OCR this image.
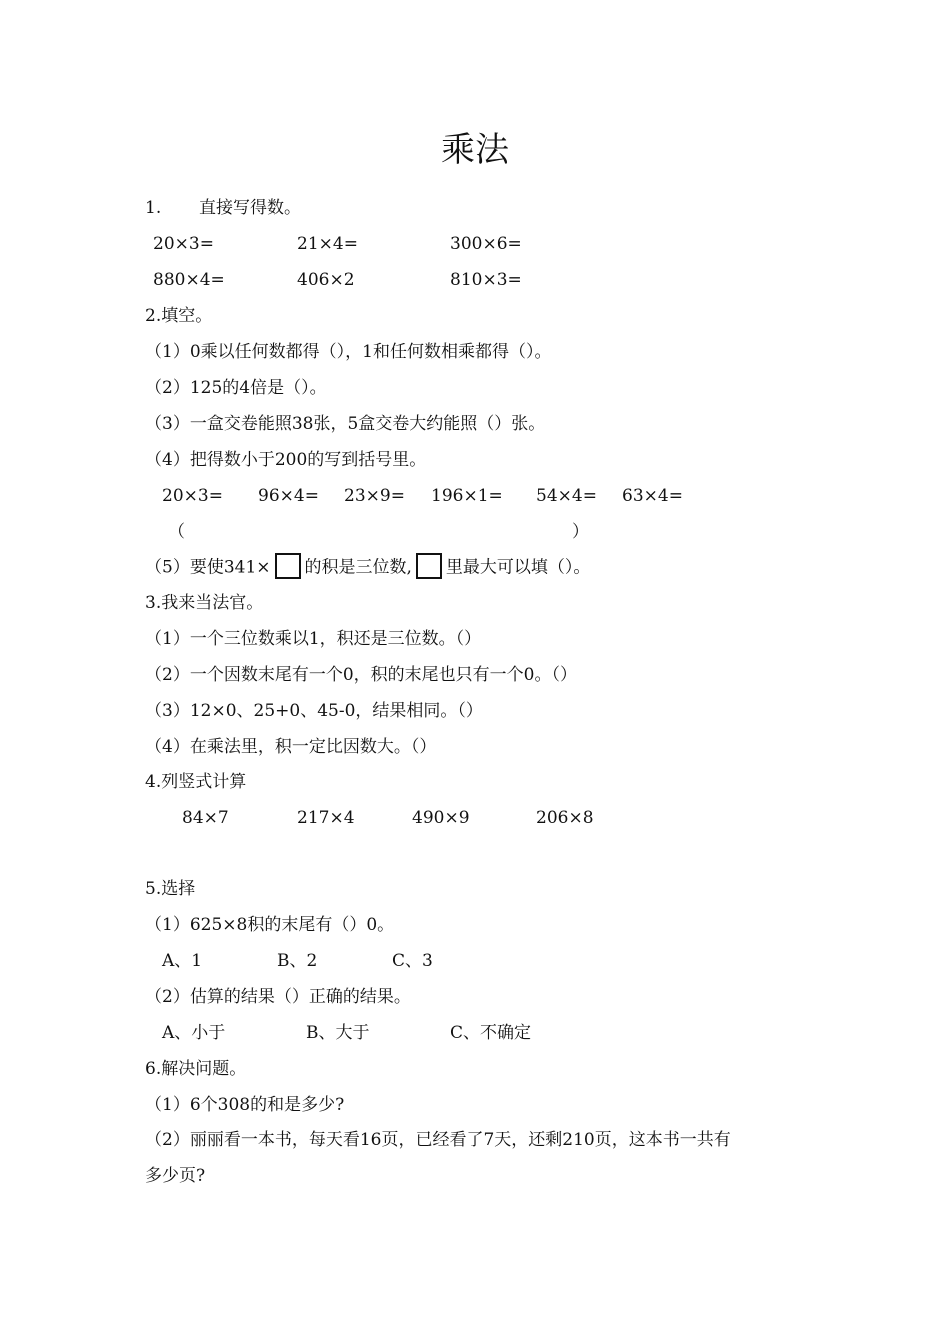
乘法
1.       直接写得数。
20×3=	21×4=	300×6=
880×4=	406×2	810×3=
2.填空。
（1）0乘以任何数都得（），1和任何数相乘都得（）。
（2）125的4倍是（）。
（3）一盒交卷能照38张，5盒交卷大约能照（）张。
（4）把得数小于200的写到括号里。
20×3= 96×4= 23×9= 196×1= 54×4= 63×4=
（	）
（5）要使341× 的积是三位数, 里最大可以填（）。
3.我来当法官。
（1）一个三位数乘以1，积还是三位数。（）
（2）一个因数末尾有一个0，积的末尾也只有一个0。（）
（3）12×0、25+0、45-0，结果相同。（）
（4）在乘法里，积一定比因数大。（）
4.列竖式计算
84×7	217×4	490×9	206×8
5.选择
（1）625×8积的末尾有（）0。
A、1	B、2	C、3
（2）估算的结果（）正确的结果。
A、小于	B、大于	C、不确定
6.解决问题。
（1）6个308的和是多少?
（2）丽丽看一本书，每天看16页，已经看了7天，还剩210页，这本书一共有
多少页?
